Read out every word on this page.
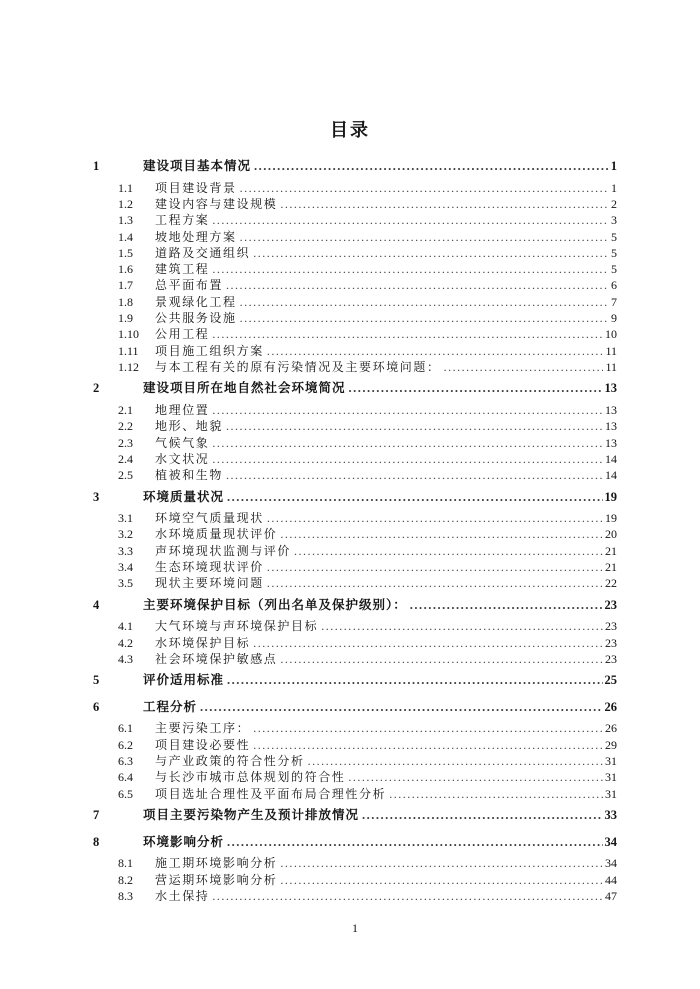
目录
1	建设项目基本情况 .....	1
1.1	项目建设背景 .....	1
1.2	建设内容与建设规模 .....	2
1.3	工程方案 .....	3
1.4	坡地处理方案 .....	5
1.5	道路及交通组织 .....	5
1.6	建筑工程 .....	5
1.7	总平面布置 .....	6
1.8	景观绿化工程 .....	7
1.9	公共服务设施 .....	9
1.10	公用工程 .....	10
1.11	项目施工组织方案 .....	11
1.12	与本工程有关的原有污染情况及主要环境问题： .....	11
2	建设项目所在地自然社会环境简况 .....	13
2.1	地理位置 .....	13
2.2	地形、地貌 .....	13
2.3	气候气象 .....	13
2.4	水文状况 .....	14
2.5	植被和生物 .....	14
3	环境质量状况 .....	19
3.1	环境空气质量现状 .....	19
3.2	水环境质量现状评价 .....	20
3.3	声环境现状监测与评价 .....	21
3.4	生态环境现状评价 .....	21
3.5	现状主要环境问题 .....	22
4	主要环境保护目标（列出名单及保护级别）： .....	23
4.1	大气环境与声环境保护目标 .....	23
4.2	水环境保护目标 .....	23
4.3	社会环境保护敏感点 .....	23
5	评价适用标准 .....	25
6	工程分析 .....	26
6.1	主要污染工序： .....	26
6.2	项目建设必要性 .....	29
6.3	与产业政策的符合性分析 .....	31
6.4	与长沙市城市总体规划的符合性 .....	31
6.5	项目选址合理性及平面布局合理性分析 .....	31
7	项目主要污染物产生及预计排放情况 .....	33
8	环境影响分析 .....	34
8.1	施工期环境影响分析 .....	34
8.2	营运期环境影响分析 .....	44
8.3	水土保持 .....	47
1
